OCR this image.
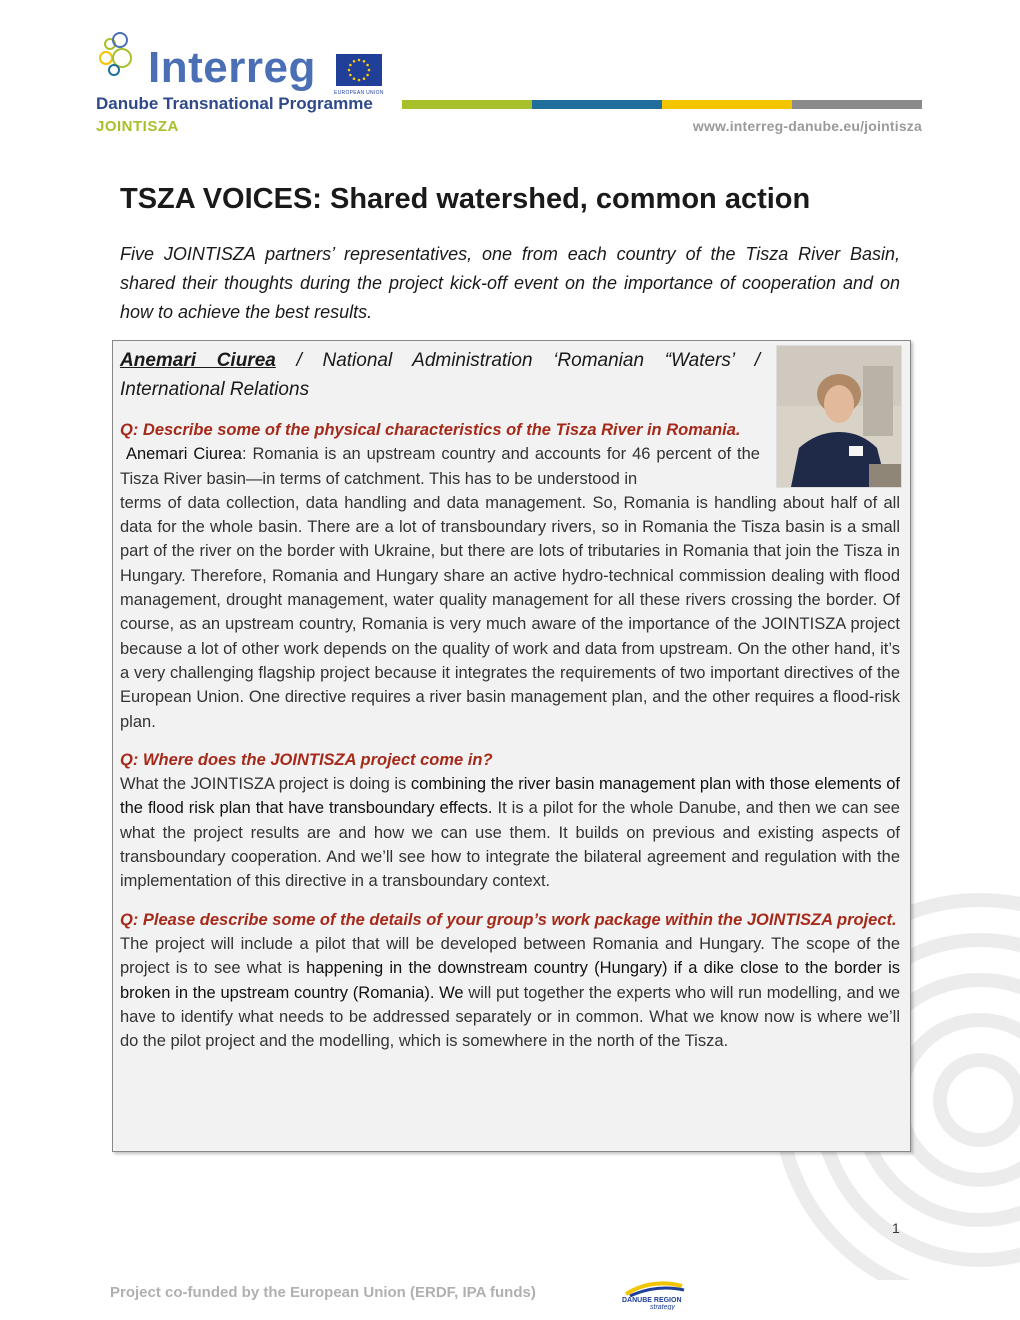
Interreg
EUROPEAN UNION
Danube Transnational Programme
JOINTISZA	www.interreg-danube.eu/jointisza
TSZA VOICES: Shared watershed, common action

Five JOINTISZA partners’ representatives, one from each country of the Tisza River Basin, shared their thoughts during the project kick-off event on the importance of cooperation and on how to achieve the best results.

Anemari Ciurea / National Administration ‘Romanian “Waters’ / International Relations

Q: Describe some of the physical characteristics of the Tisza River in Romania.

Anemari Ciurea: Romania is an upstream country and accounts for 46 percent of the Tisza River basin—in terms of catchment. This has to be understood in

terms of data collection, data handling and data management. So, Romania is handling about half of all data for the whole basin. There are a lot of transboundary rivers, so in Romania the Tisza basin is a small part of the river on the border with Ukraine, but there are lots of tributaries in Romania that join the Tisza in Hungary. Therefore, Romania and Hungary share an active hydro-technical commission dealing with flood management, drought management, water quality management for all these rivers crossing the border. Of course, as an upstream country, Romania is very much aware of the importance of the JOINTISZA project because a lot of other work depends on the quality of work and data from upstream. On the other hand, it’s a very challenging flagship project because it integrates the requirements of two important directives of the European Union. One directive requires a river basin management plan, and the other requires a flood-risk plan.

Q: Where does the JOINTISZA project come in?

What the JOINTISZA project is doing is combining the river basin management plan with those elements of the flood risk plan that have transboundary effects. It is a pilot for the whole Danube, and then we can see what the project results are and how we can use them. It builds on previous and existing aspects of transboundary cooperation. And we’ll see how to integrate the bilateral agreement and regulation with the implementation of this directive in a transboundary context.

Q: Please describe some of the details of your group’s work package within the JOINTISZA project.

The project will include a pilot that will be developed between Romania and Hungary. The scope of the project is to see what is happening in the downstream country (Hungary) if a dike close to the border is broken in the upstream country (Romania). We will put together the experts who will run modelling, and we have to identify what needs to be addressed separately or in common. What we know now is where we’ll do the pilot project and the modelling, which is somewhere in the north of the Tisza.

1
Project co-funded by the European Union (ERDF, IPA funds)	DANUBE REGION
strategy
